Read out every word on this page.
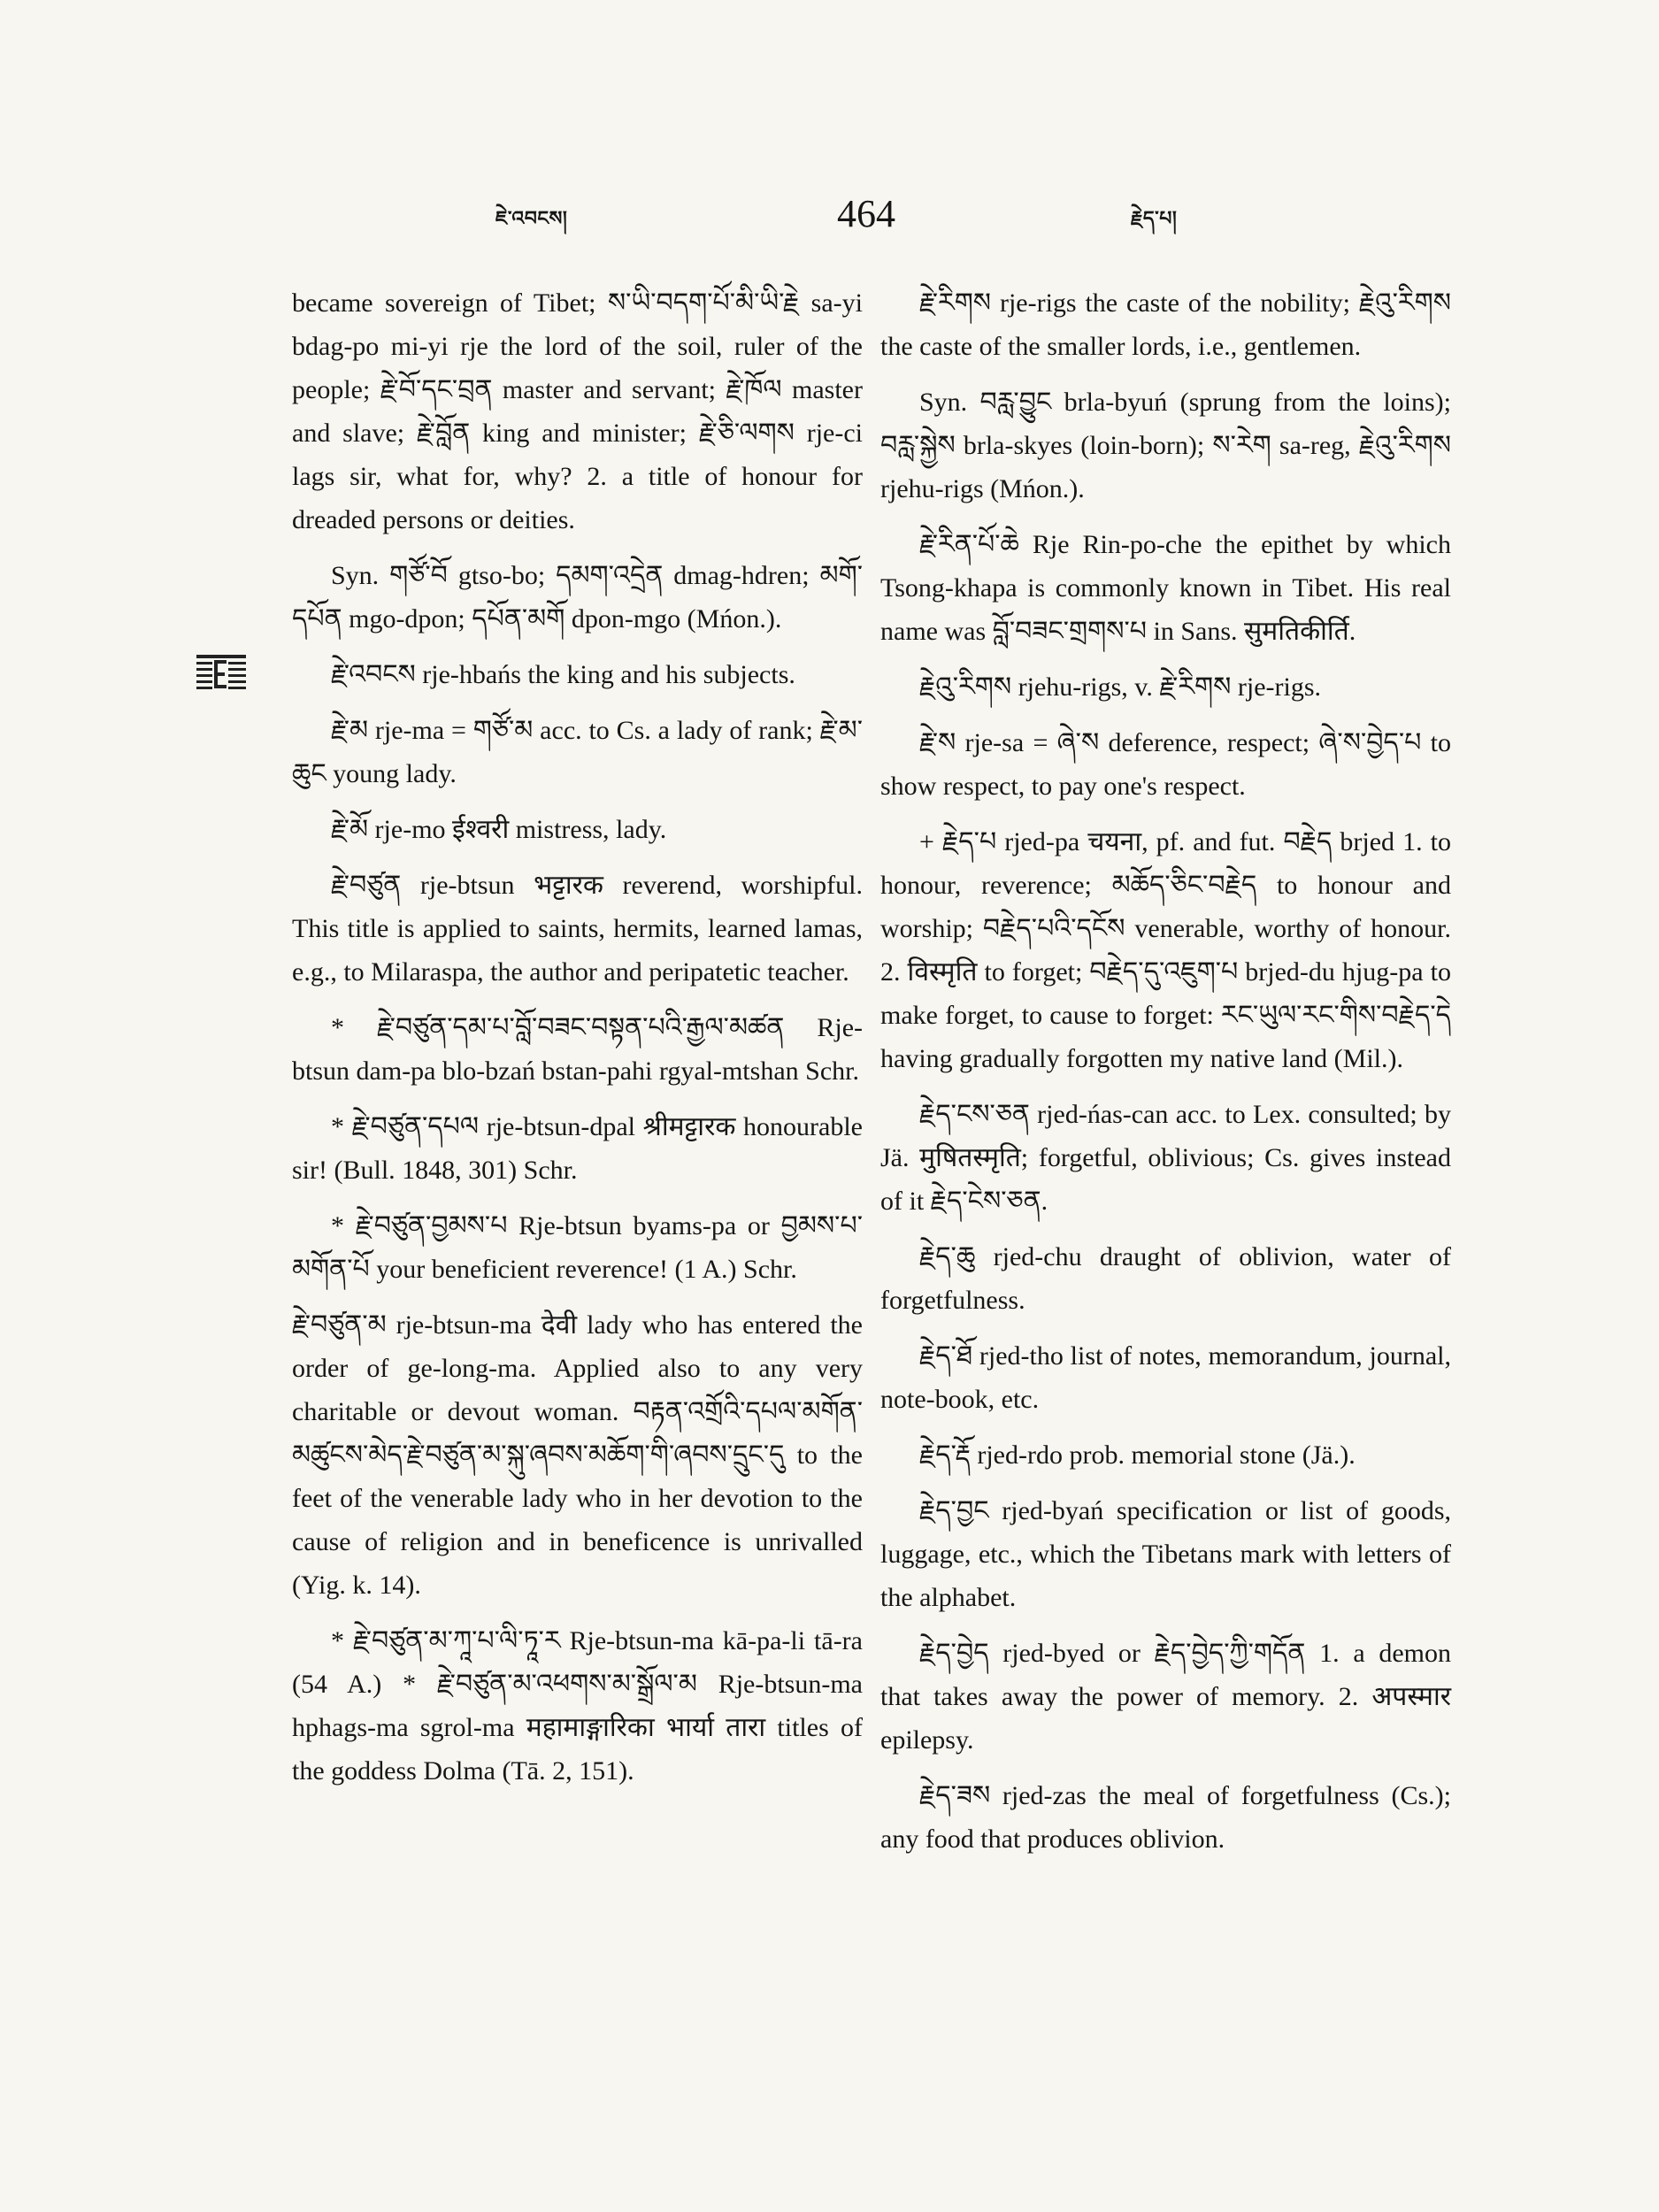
ཇེ་འབངས།	464	རྗེད་པ།

became sovereign of Tibet; ས་ཡི་བདག་པོ་མི་ཡི་རྗེ sa-yi bdag-po mi-yi rje the lord of the soil, ruler of the people; རྗེ་བོ་དང་བྲན master and servant; རྗེ་ཁོལ master and slave; རྗེ་བློན king and minister; རྗེ་ཅི་ལགས rje-ci lags sir, what for, why? 2. a title of honour for dreaded persons or deities.

Syn. གཙོ་བོ gtso-bo; དམག་འདྲེན dmag-hdren; མགོ་དཔོན mgo-dpon; དཔོན་མགོ dpon-mgo (Mńon.).

རྗེ་འབངས rje-hbańs the king and his subjects.

རྗེ་མ rje-ma = གཙོ་མ acc. to Cs. a lady of rank; རྗེ་མ་ཆུང young lady.

རྗེ་མོ rje-mo ईश्वरी mistress, lady.

རྗེ་བཙུན rje-btsun भट्टारक reverend, worshipful. This title is applied to saints, hermits, learned lamas, e.g., to Milaraspa, the author and peripatetic teacher.

* རྗེ་བཙུན་དམ་པ་བློ་བཟང་བསྟན་པའི་རྒྱལ་མཚན Rje-btsun dam-pa blo-bzań bstan-pahi rgyal-mtshan Schr.

* རྗེ་བཙུན་དཔལ rje-btsun-dpal श्रीमट्टारक honourable sir! (Bull. 1848, 301) Schr.

* རྗེ་བཙུན་བྱམས་པ Rje-btsun byams-pa or བྱམས་པ་མགོན་པོ your beneficient reverence! (1 A.) Schr.

རྗེ་བཙུན་མ rje-btsun-ma देवी lady who has entered the order of ge-long-ma. Applied also to any very charitable or devout woman. བརྟན་འགྲོའི་དཔལ་མགོན་མཚུངས་མེད་རྗེ་བཙུན་མ་སྐུ་ཞབས་མཆོག་གི་ཞབས་དྲུང་དུ to the feet of the venerable lady who in her devotion to the cause of religion and in beneficence is unrivalled (Yig. k. 14).

* རྗེ་བཙུན་མ་ཀཱ་པ་ལི་ཏཱ་ར Rje-btsun-ma kā-pa-li tā-ra (54 A.) * རྗེ་བཙུན་མ་འཕགས་མ་སྒྲོལ་མ Rje-btsun-ma hphags-ma sgrol-ma महामाङ्गारिका भार्या तारा titles of the goddess Dolma (Tā. 2, 151).

རྗེ་རིགས rje-rigs the caste of the nobility; རྗེའུ་རིགས the caste of the smaller lords, i.e., gentlemen.

Syn. བརླ་བྱུང brla-byuń (sprung from the loins); བརླ་སྐྱེས brla-skyes (loin-born); ས་རེག sa-reg, རྗེའུ་རིགས rjehu-rigs (Mńon.).

རྗེ་རིན་པོ་ཆེ Rje Rin-po-che the epithet by which Tsong-khapa is commonly known in Tibet. His real name was བློ་བཟང་གྲགས་པ in Sans. सुमतिकीर्ति.

རྗེའུ་རིགས rjehu-rigs, v. རྗེ་རིགས rje-rigs.

རྗེ་ས rje-sa = ཞེ་ས deference, respect; ཞེ་ས་བྱེད་པ to show respect, to pay one's respect.

+ རྗེད་པ rjed-pa चयना, pf. and fut. བརྗེད brjed 1. to honour, reverence; མཆོད་ཅིང་བརྗེད to honour and worship; བརྗེད་པའི་དངོས venerable, worthy of honour. 2. विस्मृति to forget; བརྗེད་དུ་འཇུག་པ brjed-du hjug-pa to make forget, to cause to forget: རང་ཡུལ་རང་གིས་བརྗེད་དེ having gradually forgotten my native land (Mil.).

རྗེད་ངས་ཅན rjed-ńas-can acc. to Lex. consulted; by Jä. मुषितस्मृति; forgetful, oblivious; Cs. gives instead of it རྗེད་ངེས་ཅན.

རྗེད་ཆུ rjed-chu draught of oblivion, water of forgetfulness.

རྗེད་ཐོ rjed-tho list of notes, memorandum, journal, note-book, etc.

རྗེད་རྡོ rjed-rdo prob. memorial stone (Jä.).

རྗེད་བྱང rjed-byań specification or list of goods, luggage, etc., which the Tibetans mark with letters of the alphabet.

རྗེད་བྱེད rjed-byed or རྗེད་བྱེད་ཀྱི་གདོན 1. a demon that takes away the power of memory. 2. अपस्मार epilepsy.

རྗེད་ཟས rjed-zas the meal of forgetfulness (Cs.); any food that produces oblivion.
